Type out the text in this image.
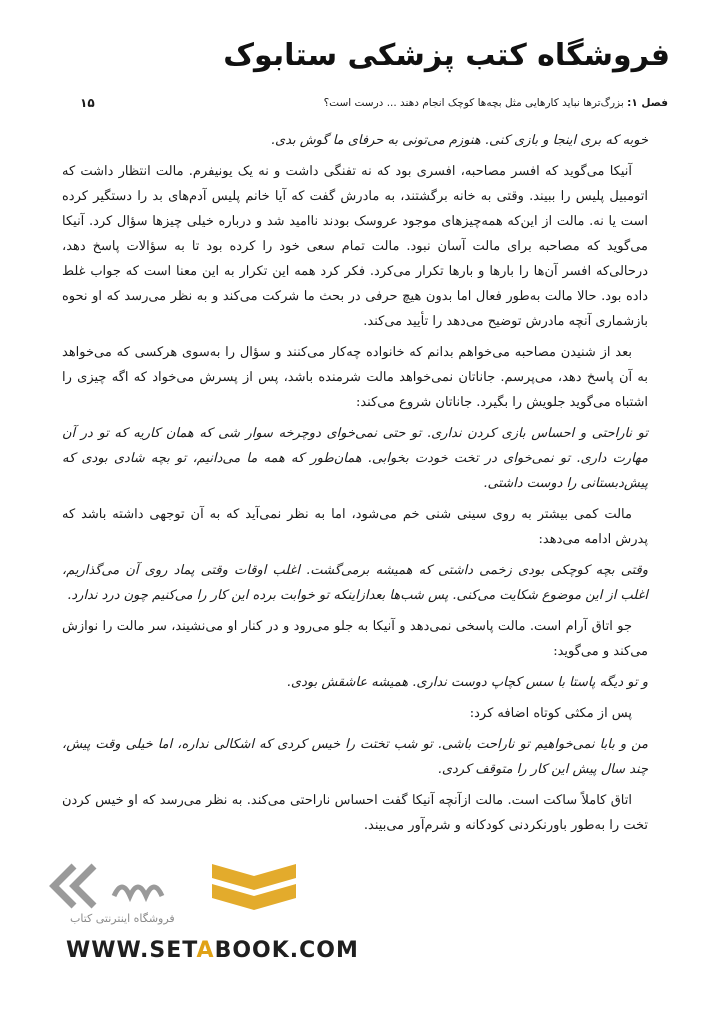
فروشگاه کتب پزشکی ستابوک
فصل ۱: بزرگ‌ترها نباید کارهایی مثل بچه‌ها کوچک انجام دهند ... درست است؟
۱۵

خوبه که بری اینجا و بازی کنی. هنوزم می‌تونی به حرفای ما گوش بدی.

آنیکا می‌گوید که افسر مصاحبه، افسری بود که نه تفنگی داشت و نه یک یونیفرم. مالت انتظار داشت که اتومبیل پلیس را ببیند. وقتی به خانه برگشتند، به مادرش گفت که آیا خانم پلیس آدم‌های بد را دستگیر کرده است یا نه. مالت از این‌که همه‌چیزهای موجود عروسک بودند ناامید شد و درباره خیلی چیزها سؤال کرد. آنیکا می‌گوید که مصاحبه برای مالت آسان نبود. مالت تمام سعی خود را کرده بود تا به سؤالات پاسخ دهد، درحالی‌که افسر آن‌ها را بارها و بارها تکرار می‌کرد. فکر کرد همه این تکرار به این معنا است که جواب غلط داده بود. حالا مالت به‌طور فعال اما بدون هیچ حرفی در بحث ما شرکت می‌کند و به نظر می‌رسد که او نحوه بازشماری آنچه مادرش توضیح می‌دهد را تأیید می‌کند.

بعد از شنیدن مصاحبه می‌خواهم بدانم که خانواده چه‌کار می‌کنند و سؤال را به‌سوی هرکسی که می‌خواهد به آن پاسخ دهد، می‌پرسم. جاناتان نمی‌خواهد مالت شرمنده باشد، پس از پسرش می‌خواد که اگه چیزی را اشتباه می‌گوید جلویش را بگیرد. جاناتان شروع می‌کند:

تو ناراحتی و احساس بازی کردن نداری. تو حتی نمی‌خوای دوچرخه سوار شی که همان کاریه که تو در آن مهارت داری. تو نمی‌خوای در تخت خودت بخوابی. همان‌طور که همه ما می‌دانیم، تو بچه شادی بودی که پیش‌دبستانی را دوست داشتی.

مالت کمی بیشتر به روی سینی شنی خم می‌شود، اما به نظر نمی‌آید که به آن توجهی داشته باشد که پدرش ادامه می‌دهد:

وقتی بچه کوچکی بودی زخمی داشتی که همیشه برمی‌گشت. اغلب اوقات وقتی پماد روی آن می‌گذاریم، اغلب از این موضوع شکایت می‌کنی. پس شب‌ها بعدازاینکه تو خوابت برده این کار را می‌کنیم چون درد ندارد.

جو اتاق آرام است. مالت پاسخی نمی‌دهد و آنیکا به جلو می‌رود و در کنار او می‌نشیند، سر مالت را نوازش می‌کند و می‌گوید:

و تو دیگه پاستا با سس کچاپ دوست نداری. همیشه عاشقش بودی.

پس از مکثی کوتاه اضافه کرد:

من و بابا نمی‌خواهیم تو ناراحت باشی. تو شب تختت را خیس کردی که اشکالی نداره، اما خیلی وقت پیش، چند سال پیش این کار را متوقف کردی.

اتاق کاملاً ساکت است. مالت ازآنچه آنیکا گفت احساس ناراحتی می‌کند. به نظر می‌رسد که او خیس کردن تخت را به‌طور باورنکردنی کودکانه و شرم‌آور می‌بیند.

فروشگاه اینترنتی کتاب
WWW.SETABOOK.COM
